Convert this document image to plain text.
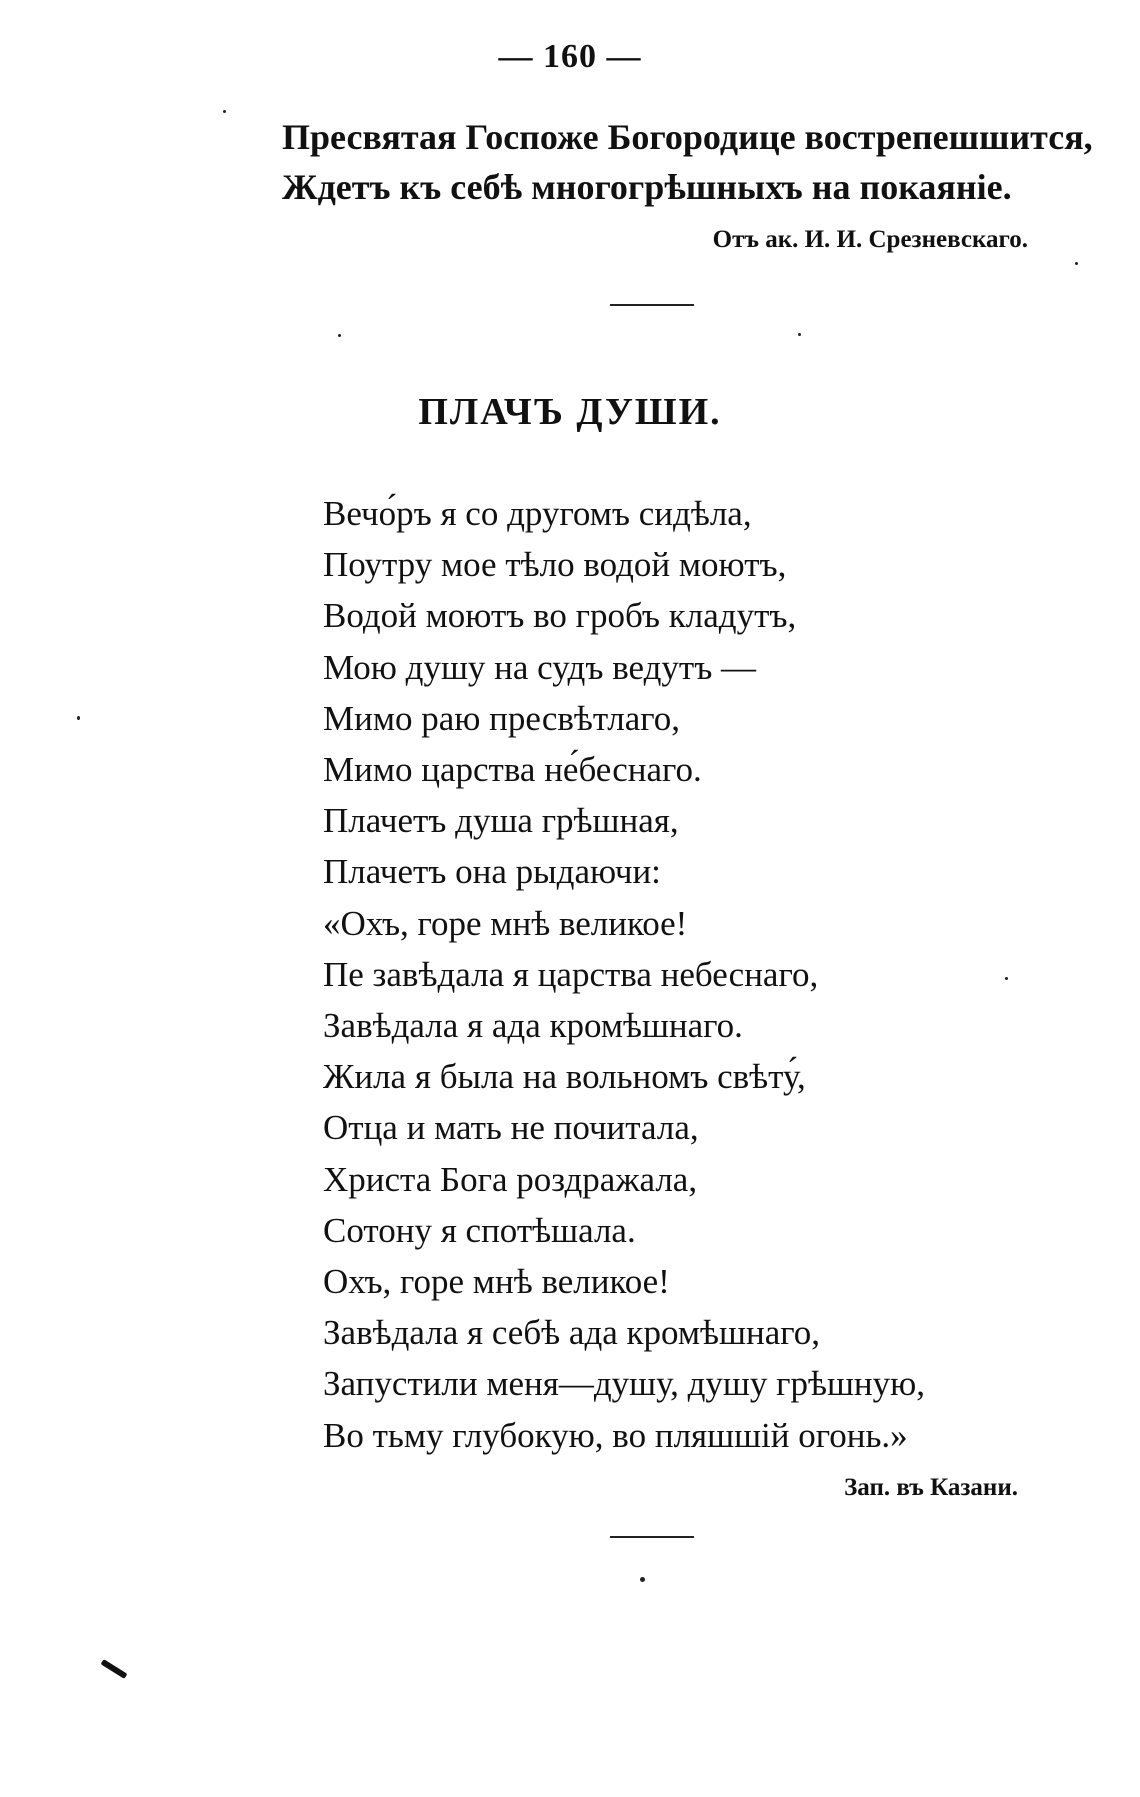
— 160 —
Пресвятая Госпоже Богородице вострепешшится,
Ждетъ къ себѣ многогрѣшныхъ на покаяніе.
Отъ ак. И. И. Срезневскаго.
ПЛАЧЪ ДУШИ.
Вечо́ръ я со другомъ сидѣла,
Поутру мое тѣло водой моютъ,
Водой моютъ во гробъ кладутъ,
Мою душу на судъ ведутъ —
Мимо раю пресвѣтлаго,
Мимо царства не́беснаго.
Плачетъ душа грѣшная,
Плачетъ она рыдаючи:
«Охъ, горе мнѣ великое!
Пе завѣдала я царства небеснаго,
Завѣдала я ада кромѣшнаго.
Жила я была на вольномъ свѣту́,
Отца и мать не почитала,
Христа Бога роздражала,
Сотону я спотѣшала.
Охъ, горе мнѣ великое!
Завѣдала я себѣ ада кромѣшнаго,
Запустили меня—душу, душу грѣшную,
Во тьму глубокую, во пляшшій огонь.»
Зап. въ Казани.
